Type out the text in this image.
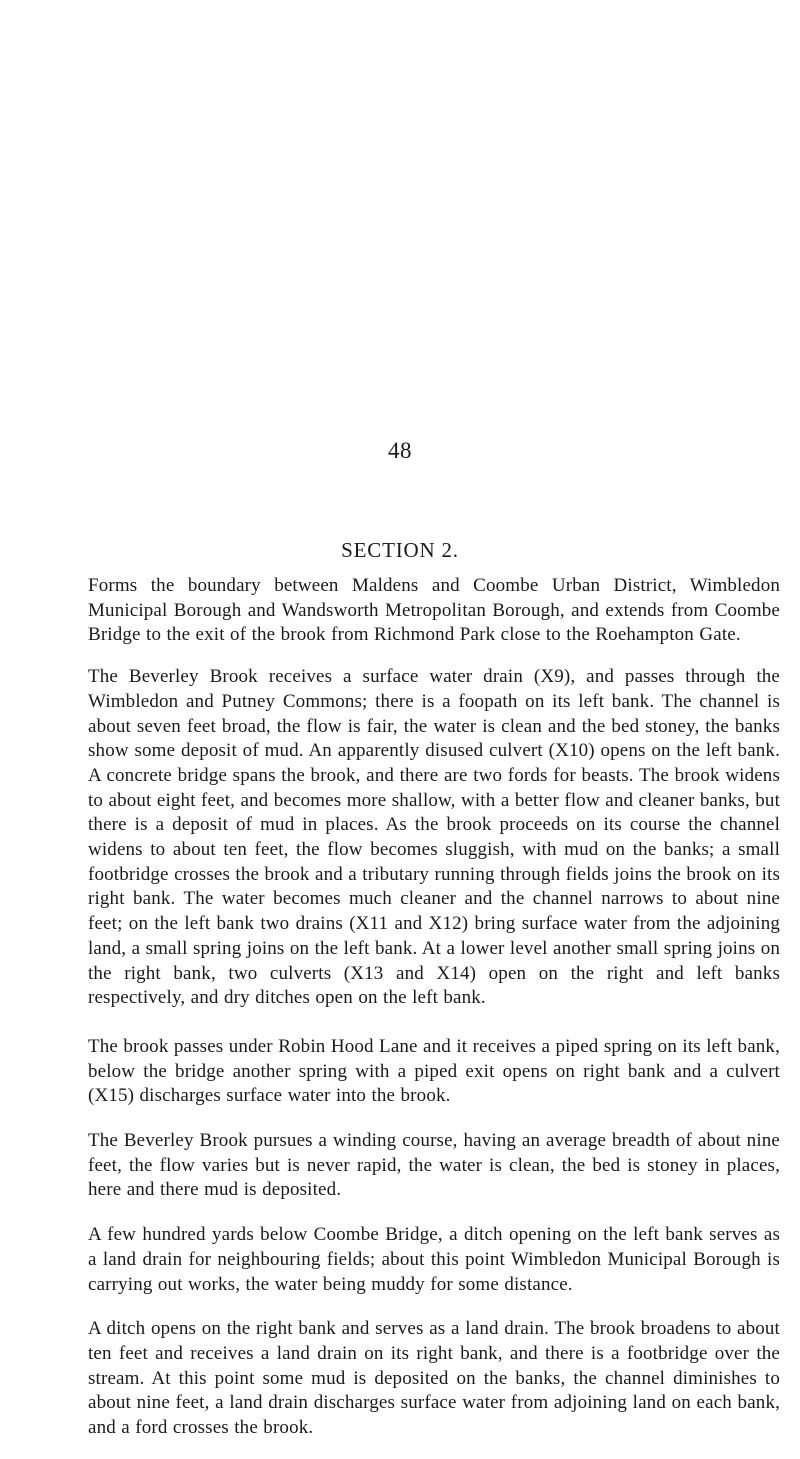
48
SECTION 2.

Forms the boundary between Maldens and Coombe Urban District, Wimbledon Municipal Borough and Wandsworth Metropolitan Borough, and extends from Coombe Bridge to the exit of the brook from Richmond Park close to the Roehampton Gate.

The Beverley Brook receives a surface water drain (X9), and passes through the Wimbledon and Putney Commons; there is a foopath on its left bank. The channel is about seven feet broad, the flow is fair, the water is clean and the bed stoney, the banks show some deposit of mud. An apparently disused culvert (X10) opens on the left bank. A concrete bridge spans the brook, and there are two fords for beasts. The brook widens to about eight feet, and becomes more shallow, with a better flow and cleaner banks, but there is a deposit of mud in places. As the brook proceeds on its course the channel widens to about ten feet, the flow becomes sluggish, with mud on the banks; a small footbridge crosses the brook and a tributary running through fields joins the brook on its right bank. The water becomes much cleaner and the channel narrows to about nine feet; on the left bank two drains (X11 and X12) bring surface water from the adjoining land, a small spring joins on the left bank. At a lower level another small spring joins on the right bank, two culverts (X13 and X14) open on the right and left banks respectively, and dry ditches open on the left bank.

The brook passes under Robin Hood Lane and it receives a piped spring on its left bank, below the bridge another spring with a piped exit opens on right bank and a culvert (X15) discharges surface water into the brook.

The Beverley Brook pursues a winding course, having an average breadth of about nine feet, the flow varies but is never rapid, the water is clean, the bed is stoney in places, here and there mud is deposited.

A few hundred yards below Coombe Bridge, a ditch opening on the left bank serves as a land drain for neighbouring fields; about this point Wimbledon Municipal Borough is carrying out works, the water being muddy for some distance.

A ditch opens on the right bank and serves as a land drain. The brook broadens to about ten feet and receives a land drain on its right bank, and there is a footbridge over the stream. At this point some mud is deposited on the banks, the channel diminishes to about nine feet, a land drain discharges surface water from adjoining land on each bank, and a ford crosses the brook.
